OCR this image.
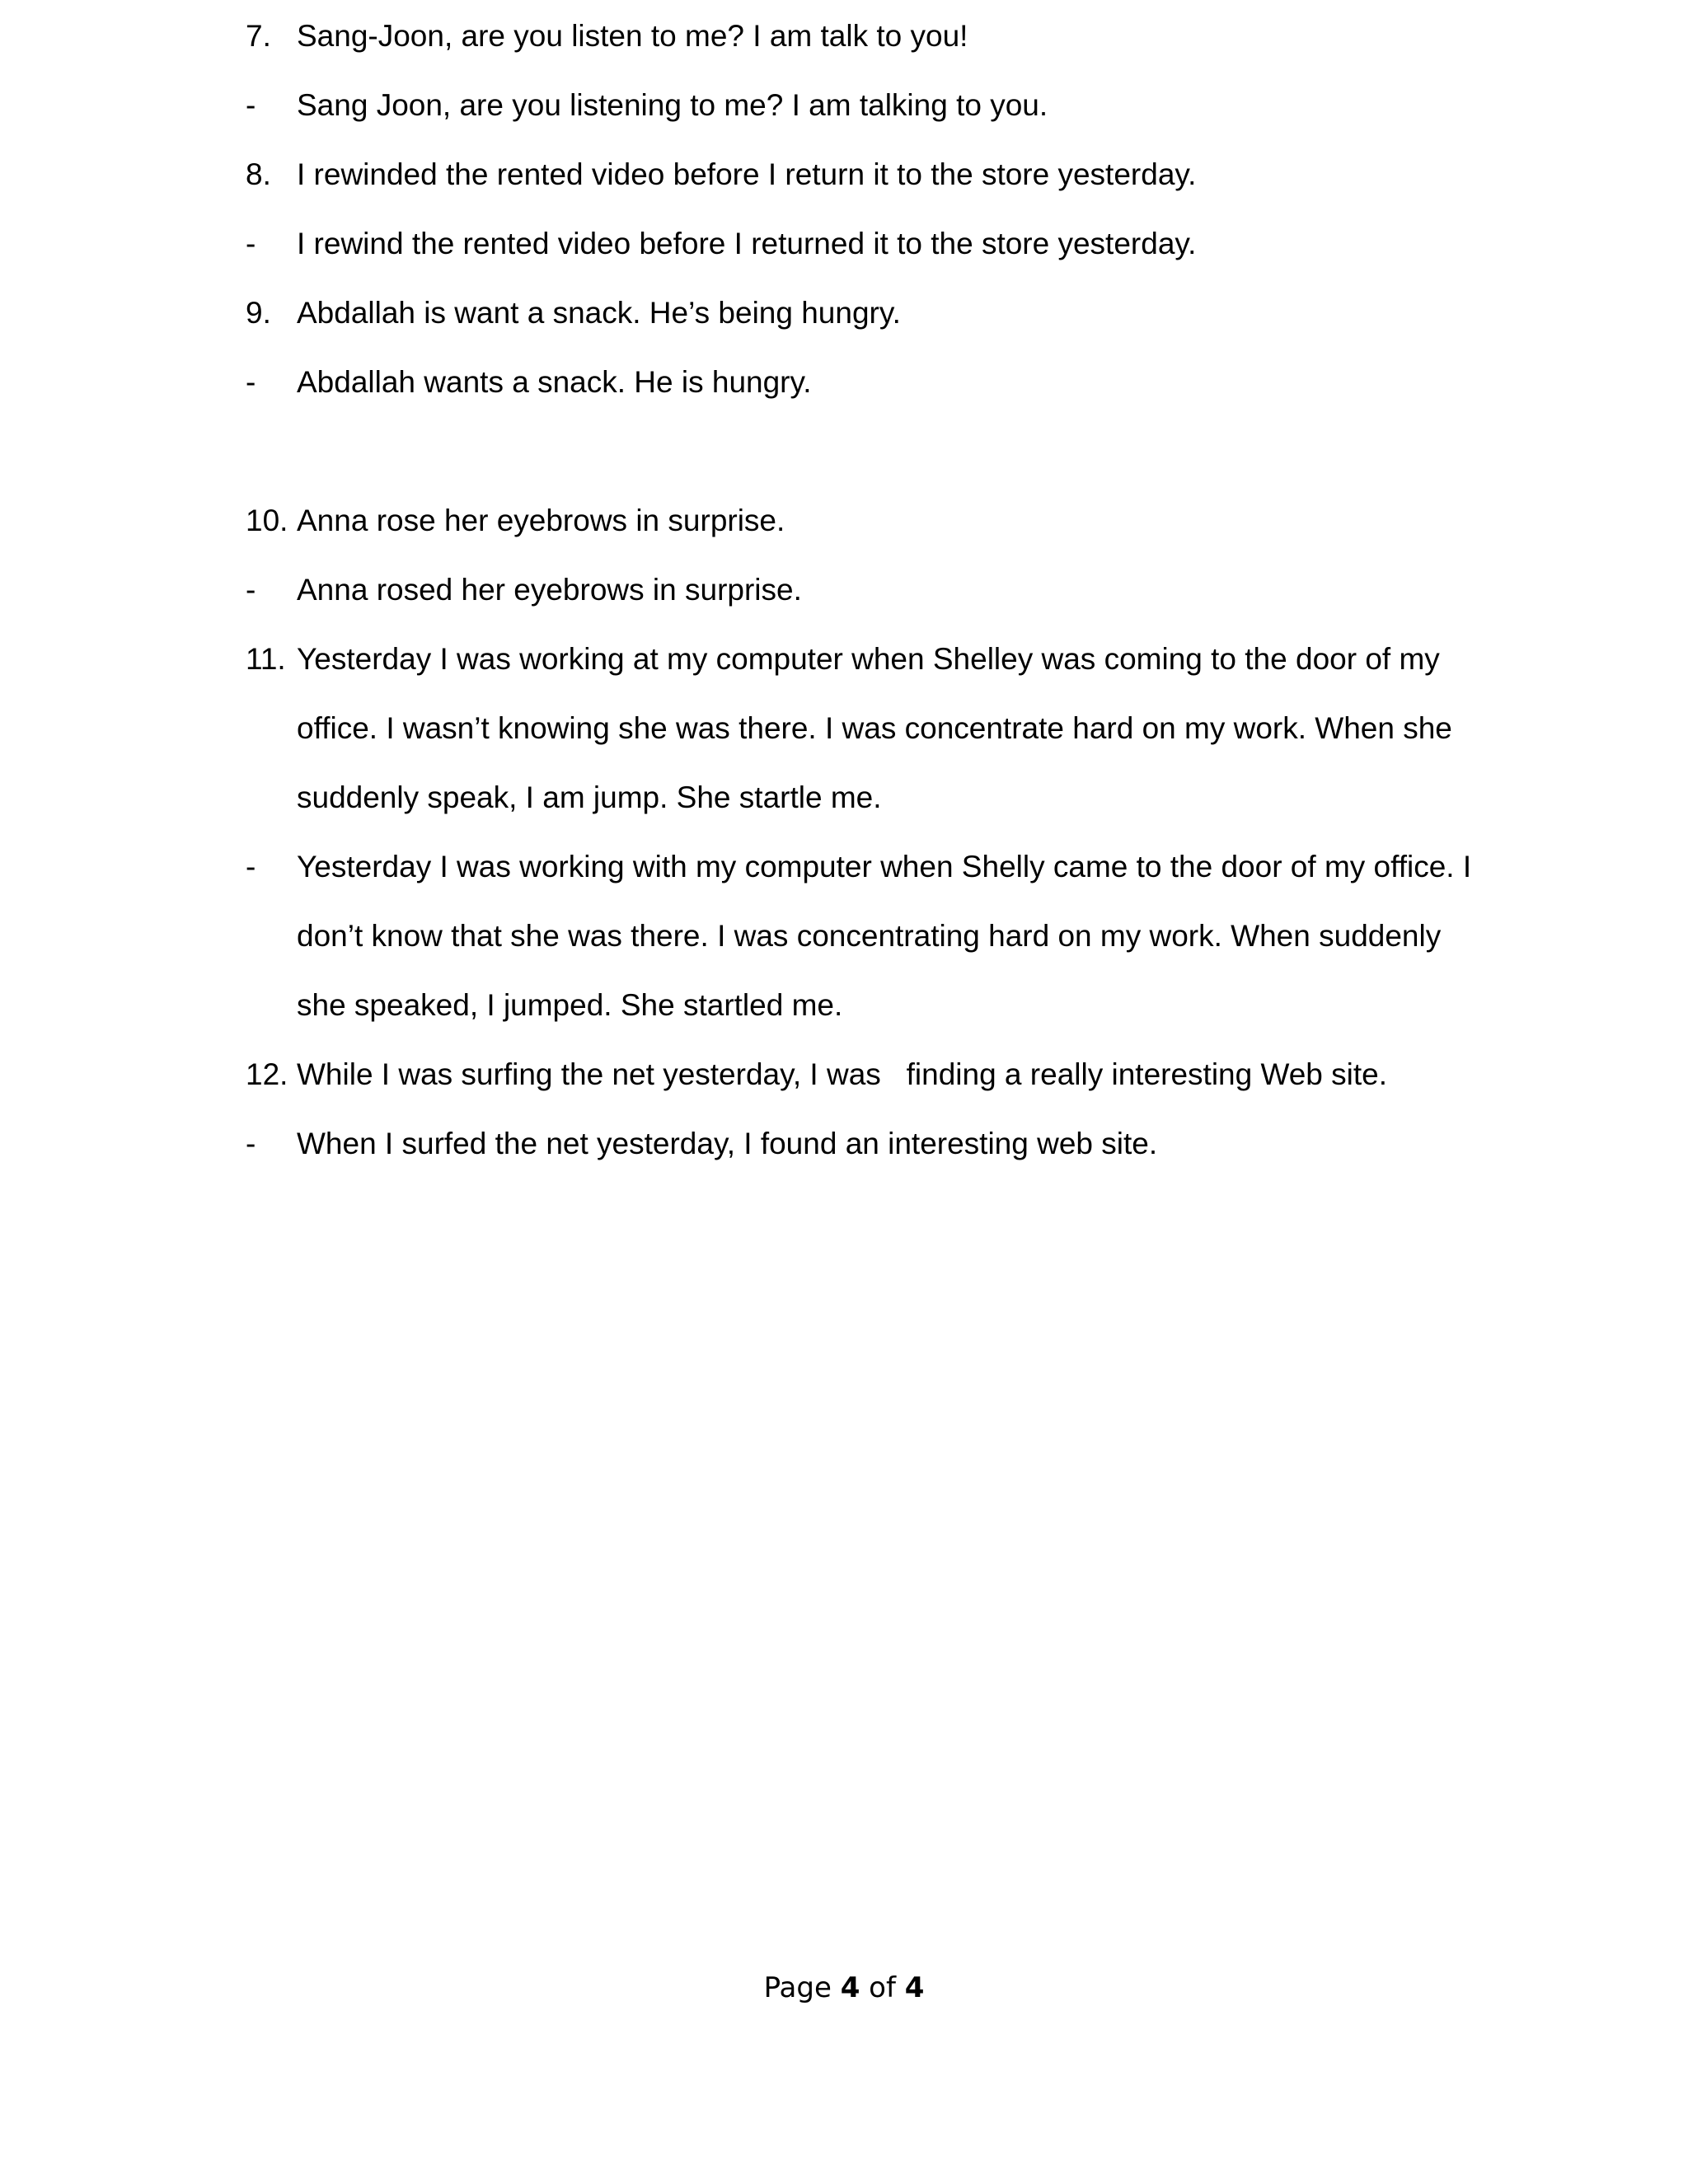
7. Sang-Joon, are you listen to me? I am talk to you!
- Sang Joon, are you listening to me? I am talking to you.
8. I rewinded the rented video before I return it to the store yesterday.
- I rewind the rented video before I returned it to the store yesterday.
9. Abdallah is want a snack. He’s being hungry.
- Abdallah wants a snack. He is hungry.
10. Anna rose her eyebrows in surprise.
- Anna rosed her eyebrows in surprise.
11. Yesterday I was working at my computer when Shelley was coming to the door of my
office. I wasn’t knowing she was there. I was concentrate hard on my work. When she
suddenly speak, I am jump. She startle me.
- Yesterday I was working with my computer when Shelly came to the door of my office. I
don’t know that she was there. I was concentrating hard on my work. When suddenly
she speaked, I jumped. She startled me.
12. While I was surfing the net yesterday, I was   finding a really interesting Web site.
- When I surfed the net yesterday, I found an interesting web site.
Page 4 of 4
